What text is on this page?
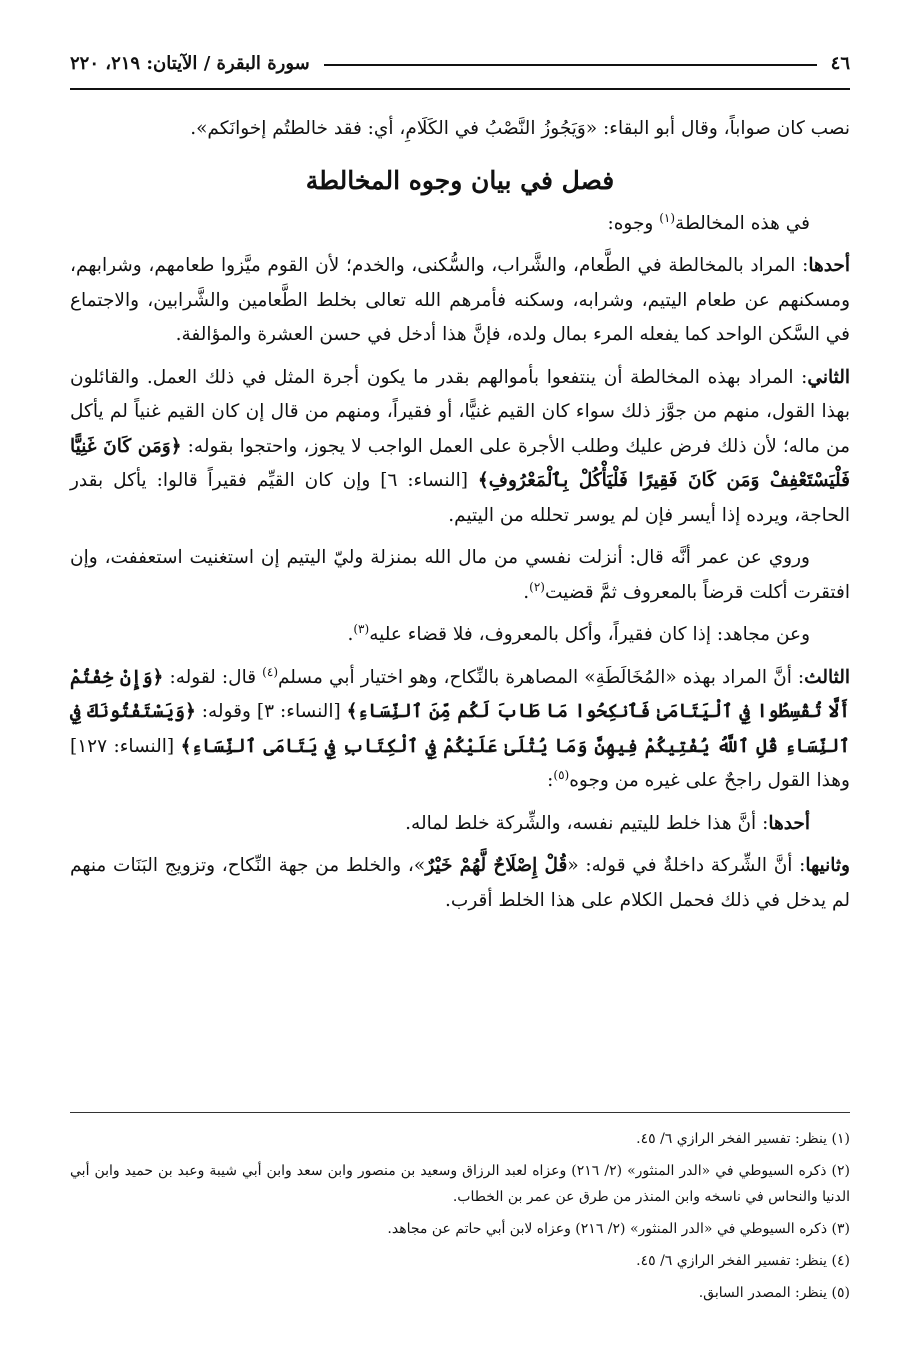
٤٦
سورة البقرة / الآيتان: ٢١٩، ٢٢٠

نصب كان صواباً، وقال أبو البقاء: «وَيَجُوزُ النَّصْبُ في الكَلَامِ، أي: فقد خالطتُم إخوانَكم».

فصل في بيان وجوه المخالطة

في هذه المخالطة$^{(١)}$ وجوه:

أحدها: المراد بالمخالطة في الطَّعام، والشَّراب، والسُّكنى، والخدم؛ لأن القوم ميَّزوا طعامهم، وشرابهم، ومسكنهم عن طعام اليتيم، وشرابه، وسكنه فأمرهم الله تعالى بخلط الطَّعامين والشَّرابين، والاجتماع في السَّكن الواحد كما يفعله المرء بمال ولده، فإنَّ هذا أدخل في حسن العشرة والمؤالفة.

الثاني: المراد بهذه المخالطة أن ينتفعوا بأموالهم بقدر ما يكون أجرة المثل في ذلك العمل. والقائلون بهذا القول، منهم من جوَّز ذلك سواء كان القيم غنيًّا، أو فقيراً، ومنهم من قال إن كان القيم غنياً لم يأكل من ماله؛ لأن ذلك فرض عليك وطلب الأجرة على العمل الواجب لا يجوز، واحتجوا بقوله: ﴿وَمَن كَانَ غَنِيًّا فَلْيَسْتَعْفِفْ وَمَن كَانَ فَقِيرًا فَلْيَأْكُلْ بِٱلْمَعْرُوفِ﴾ [النساء: ٦] وإن كان القيِّم فقيراً قالوا: يأكل بقدر الحاجة، ويرده إذا أيسر فإن لم يوسر تحلله من اليتيم.

وروي عن عمر أنَّه قال: أنزلت نفسي من مال الله بمنزلة وليّ اليتيم إن استغنيت استعففت، وإن افتقرت أكلت قرضاً بالمعروف ثمَّ قضيت$^{(٢)}$.

وعن مجاهد: إذا كان فقيراً، وأكل بالمعروف، فلا قضاء عليه$^{(٣)}$.

الثالث: أنَّ المراد بهذه «المُخَالَطَةِ» المصاهرة بالنِّكاح، وهو اختيار أبي مسلم$^{(٤)}$ قال: لقوله: ﴿وَإِنْ خِفْتُمْ أَلَّا تُقْسِطُوا فِي ٱلْيَتَامَىٰ فَٱنكِحُوا مَا طَابَ لَكُم مِّنَ ٱلنِّسَاءِ﴾ [النساء: ٣] وقوله: ﴿وَيَسْتَفْتُونَكَ فِي ٱلنِّسَاءِ قُلِ ٱللَّهُ يُفْتِيكُمْ فِيهِنَّ وَمَا يُتْلَىٰ عَلَيْكُمْ فِي ٱلْكِتَابِ فِي يَتَامَى ٱلنِّسَاءِ﴾ [النساء: ١٢٧] وهذا القول راجحٌ على غيره من وجوه$^{(٥)}$:

أحدها: أنَّ هذا خلط لليتيم نفسه، والشِّركة خلط لماله.

وثانيها: أنَّ الشِّركة داخلةٌ في قوله: «قُلْ إِصْلَاحٌ لَّهُمْ خَيْرٌ»، والخلط من جهة النِّكاح، وتزويج البَنَات منهم لم يدخل في ذلك فحمل الكلام على هذا الخلط أقرب.

(١) ينظر: تفسير الفخر الرازي ٦/ ٤٥.
(٢) ذكره السيوطي في «الدر المنثور» (٢/ ٢١٦) وعزاه لعبد الرزاق وسعيد بن منصور وابن سعد وابن أبي شيبة وعبد بن حميد وابن أبي الدنيا والنحاس في ناسخه وابن المنذر من طرق عن عمر بن الخطاب.
(٣) ذكره السيوطي في «الدر المنثور» (٢/ ٢١٦) وعزاه لابن أبي حاتم عن مجاهد.
(٤) ينظر: تفسير الفخر الرازي ٦/ ٤٥.
(٥) ينظر: المصدر السابق.
